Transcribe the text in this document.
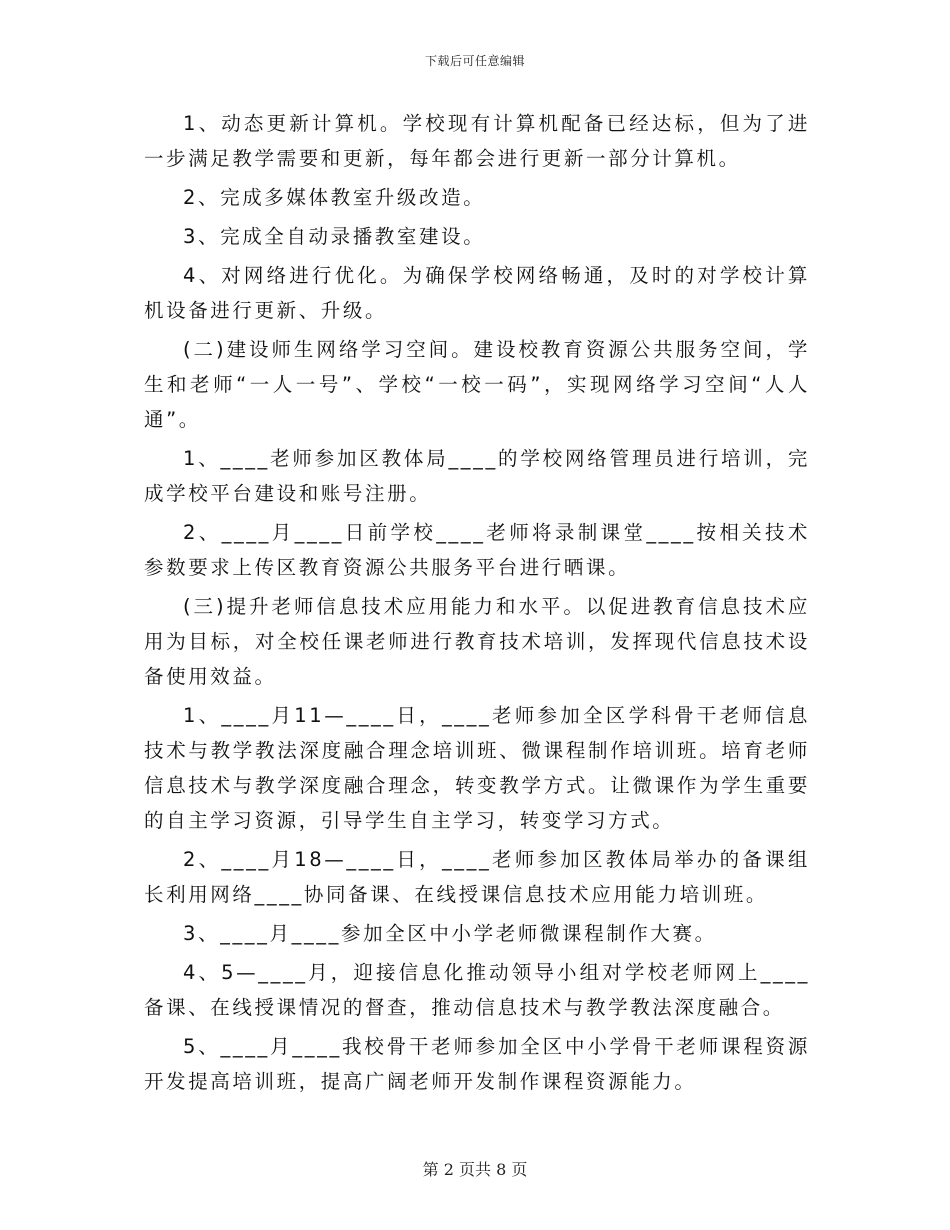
下载后可任意编辑

1、动态更新计算机。学校现有计算机配备已经达标，但为了进一步满足教学需要和更新，每年都会进行更新一部分计算机。

2、完成多媒体教室升级改造。

3、完成全自动录播教室建设。

4、对网络进行优化。为确保学校网络畅通，及时的对学校计算机设备进行更新、升级。

(二)建设师生网络学习空间。建设校教育资源公共服务空间，学生和老师“一人一号”、学校“一校一码”，实现网络学习空间“人人通”。

1、____老师参加区教体局____的学校网络管理员进行培训，完成学校平台建设和账号注册。

2、____月____日前学校____老师将录制课堂____按相关技术参数要求上传区教育资源公共服务平台进行晒课。

(三)提升老师信息技术应用能力和水平。以促进教育信息技术应用为目标，对全校任课老师进行教育技术培训，发挥现代信息技术设备使用效益。

1、____月11—____日，____老师参加全区学科骨干老师信息技术与教学教法深度融合理念培训班、微课程制作培训班。培育老师信息技术与教学深度融合理念，转变教学方式。让微课作为学生重要的自主学习资源，引导学生自主学习，转变学习方式。

2、____月18—____日，____老师参加区教体局举办的备课组长利用网络____协同备课、在线授课信息技术应用能力培训班。

3、____月____参加全区中小学老师微课程制作大赛。

4、5—____月，迎接信息化推动领导小组对学校老师网上____备课、在线授课情况的督查，推动信息技术与教学教法深度融合。

5、____月____我校骨干老师参加全区中小学骨干老师课程资源开发提高培训班，提高广阔老师开发制作课程资源能力。

第 2 页共 8 页
